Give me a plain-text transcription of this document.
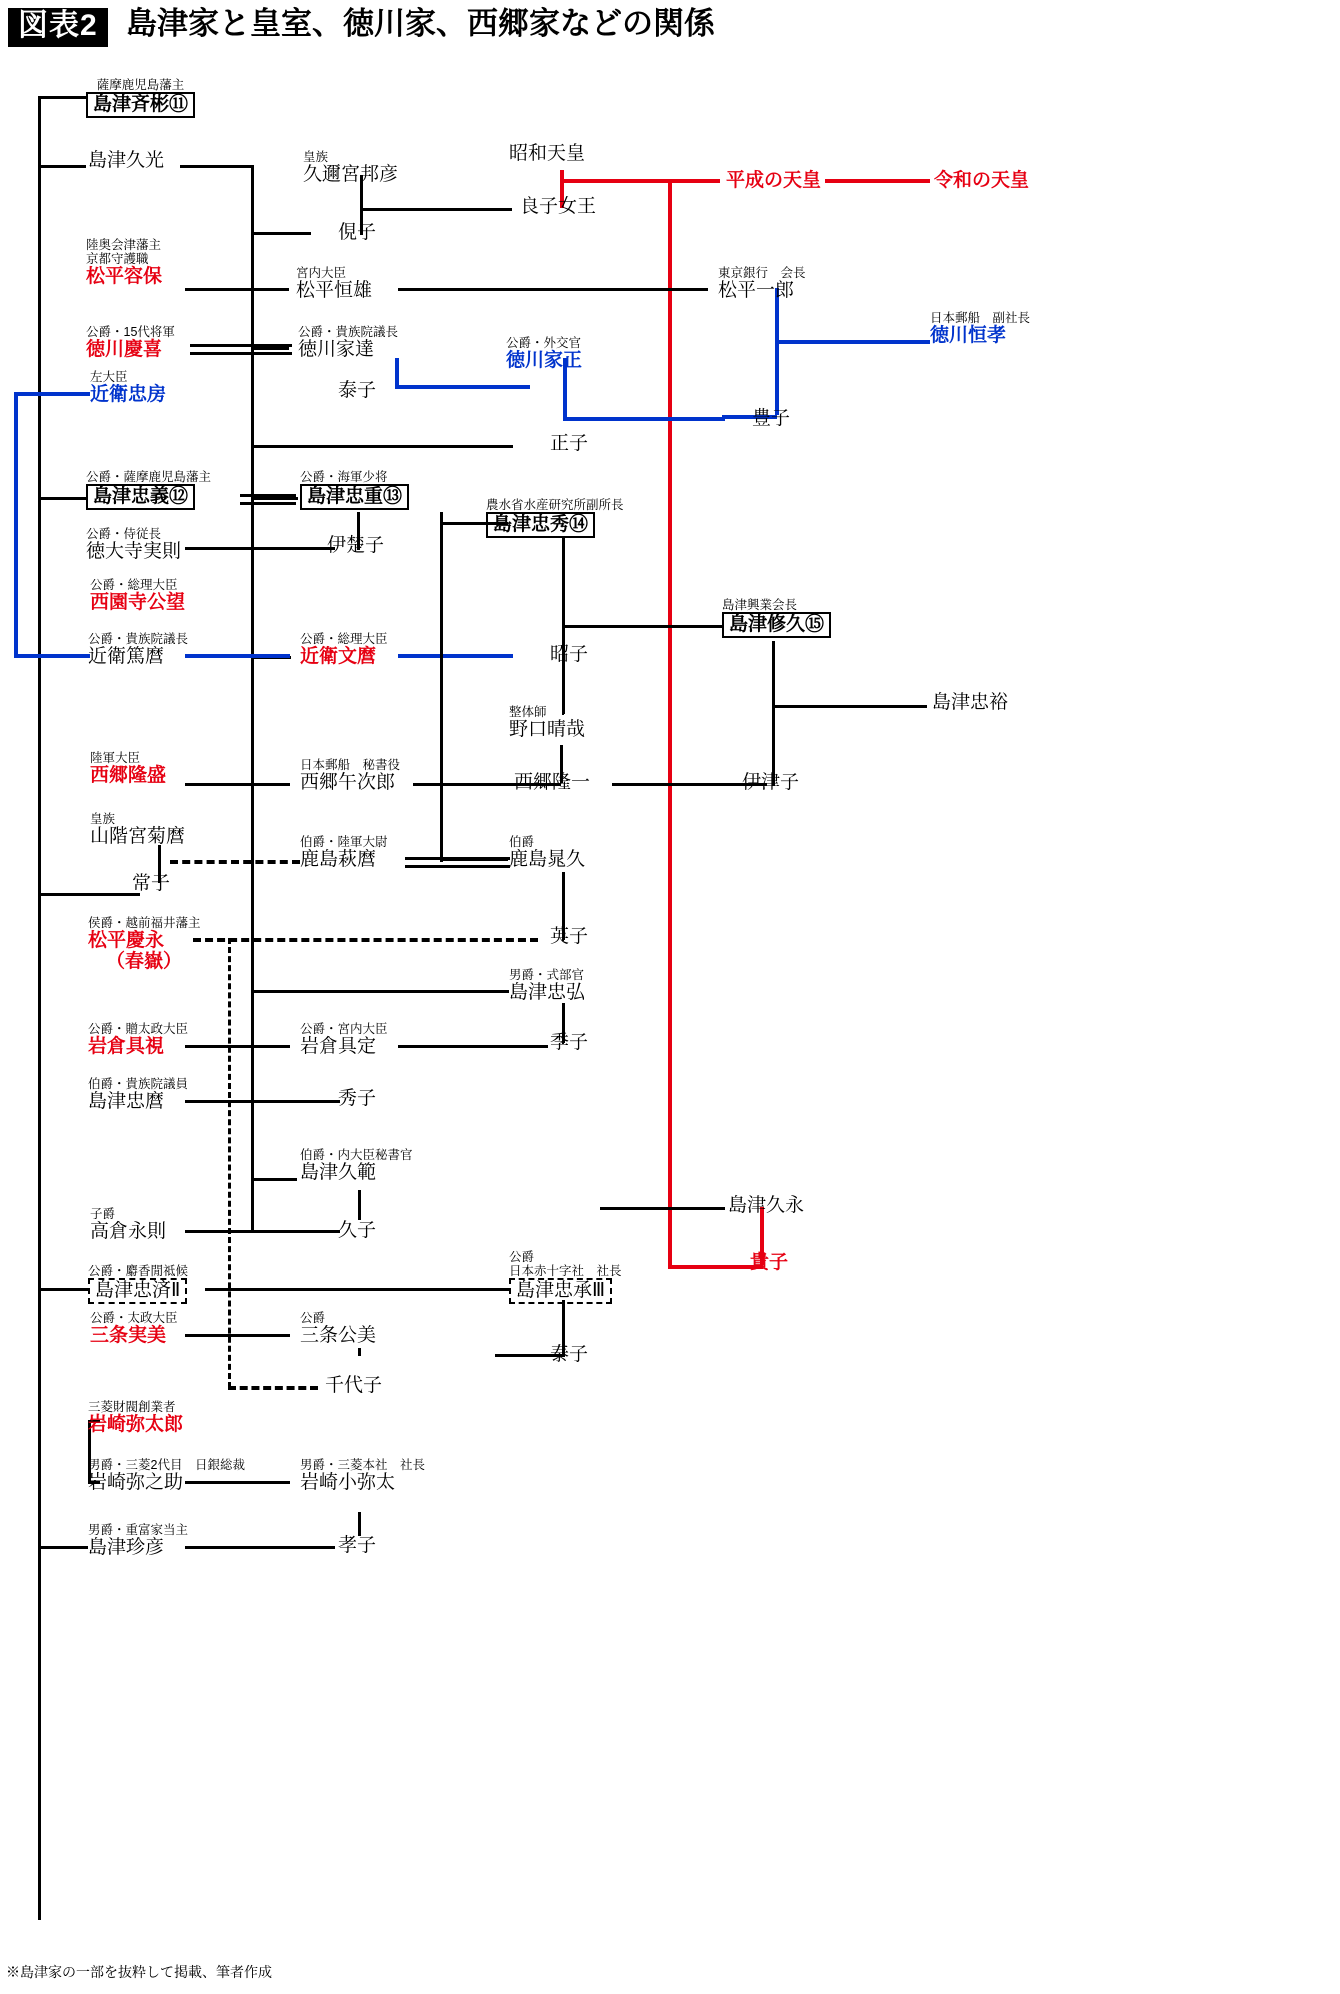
図表2 島津家と皇室、徳川家、西郷家などの関係
薩摩鹿児島藩主
島津斉彬⑪
島津久光	皇族
久邇宮邦彦
昭和天皇
平成の天皇	令和の天皇
良子女王
俔子
陸奥会津藩主
京都守護職
松平容保	宮内大臣
松平恒雄
東京銀行　会長
松平一郎
公爵・15代将軍
徳川慶喜
公爵・貴族院議長
徳川家達	公爵・外交官
徳川家正
日本郵船　副社長
徳川恒孝
左大臣
近衛忠房	泰子
豊子
正子
公爵・薩摩鹿児島藩主
島津忠義⑫
公爵・海軍少将
島津忠重⑬	農水省水産研究所副所長
島津忠秀⑭
公爵・侍従長
徳大寺実則	伊楚子
公爵・総理大臣
西園寺公望
公爵・貴族院議長
近衛篤麿
公爵・総理大臣
近衛文麿	昭子
島津興業会長
島津修久⑮
島津忠裕
整体師
野口晴哉
陸軍大臣
西郷隆盛	日本郵船　秘書役
西郷午次郎	西郷隆一	伊津子
皇族
山階宮菊麿	伯爵・陸軍大尉
鹿島萩麿
伯爵
鹿島晁久
常子
侯爵・越前福井藩主
松平慶永
（春嶽）
英子
男爵・式部官
島津忠弘
公爵・贈太政大臣
岩倉具視
公爵・宮内大臣
岩倉具定	季子
伯爵・貴族院議員
島津忠麿	秀子
伯爵・内大臣秘書官
島津久範
子爵
高倉永則	久子
島津久永
貴子
公爵・麝香閒祗候
島津忠済Ⅱ
公爵
日本赤十字社　社長
島津忠承Ⅲ
公爵・太政大臣
三条実美
公爵
三条公美
泰子
千代子
三菱財閥創業者
岩崎弥太郎
男爵・三菱2代目　日銀総裁
岩崎弥之助
男爵・三菱本社　社長
岩崎小弥太
男爵・重富家当主
島津珍彦	孝子
※島津家の一部を抜粋して掲載、筆者作成
